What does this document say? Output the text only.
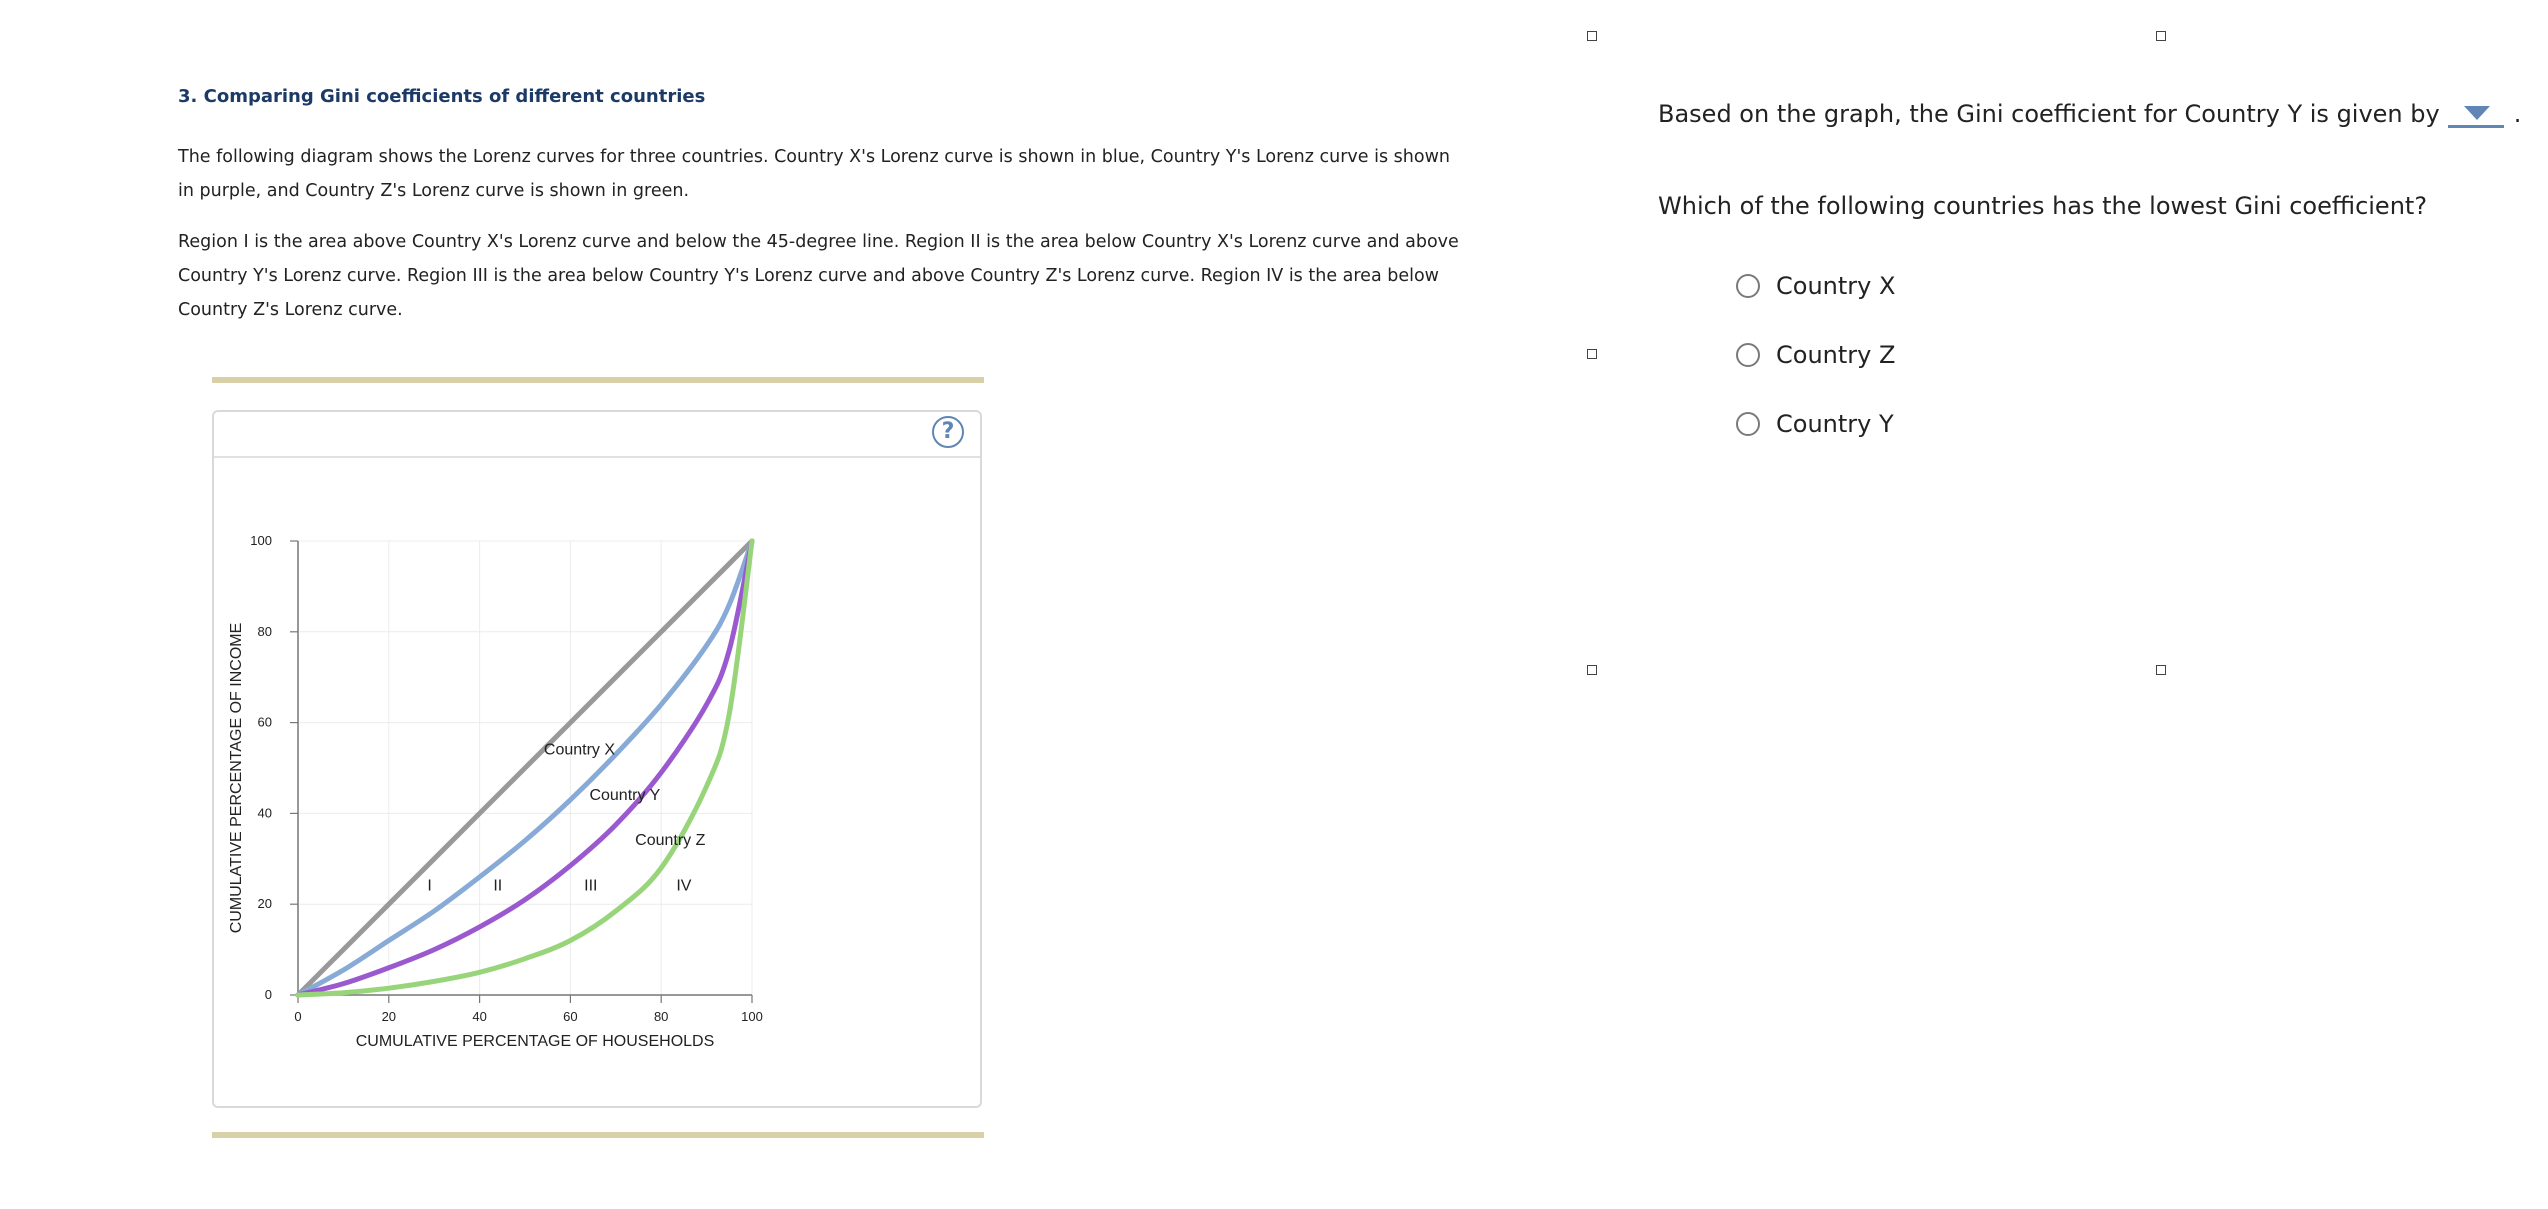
3. Comparing Gini coefficients of different countries

The following diagram shows the Lorenz curves for three countries. Country X's Lorenz curve is shown in blue, Country Y's Lorenz curve is shown in purple, and Country Z's Lorenz curve is shown in green.

Region I is the area above Country X's Lorenz curve and below the 45-degree line. Region II is the area below Country X's Lorenz curve and above Country Y's Lorenz curve. Region III is the area below Country Y's Lorenz curve and above Country Z's Lorenz curve. Region IV is the area below Country Z's Lorenz curve.

?
0	20	40	60	80	100
0
20
40
60
80
100
CUMULATIVE PERCENTAGE OF HOUSEHOLDS
CUMULATIVE PERCENTAGE OF INCOME	Country X
Country Y
Country Z
I	II	III	IV

Based on the graph, the Gini coefficient for Country Y is given by	.

Which of the following countries has the lowest Gini coefficient?

Country X
Country Z
Country Y
